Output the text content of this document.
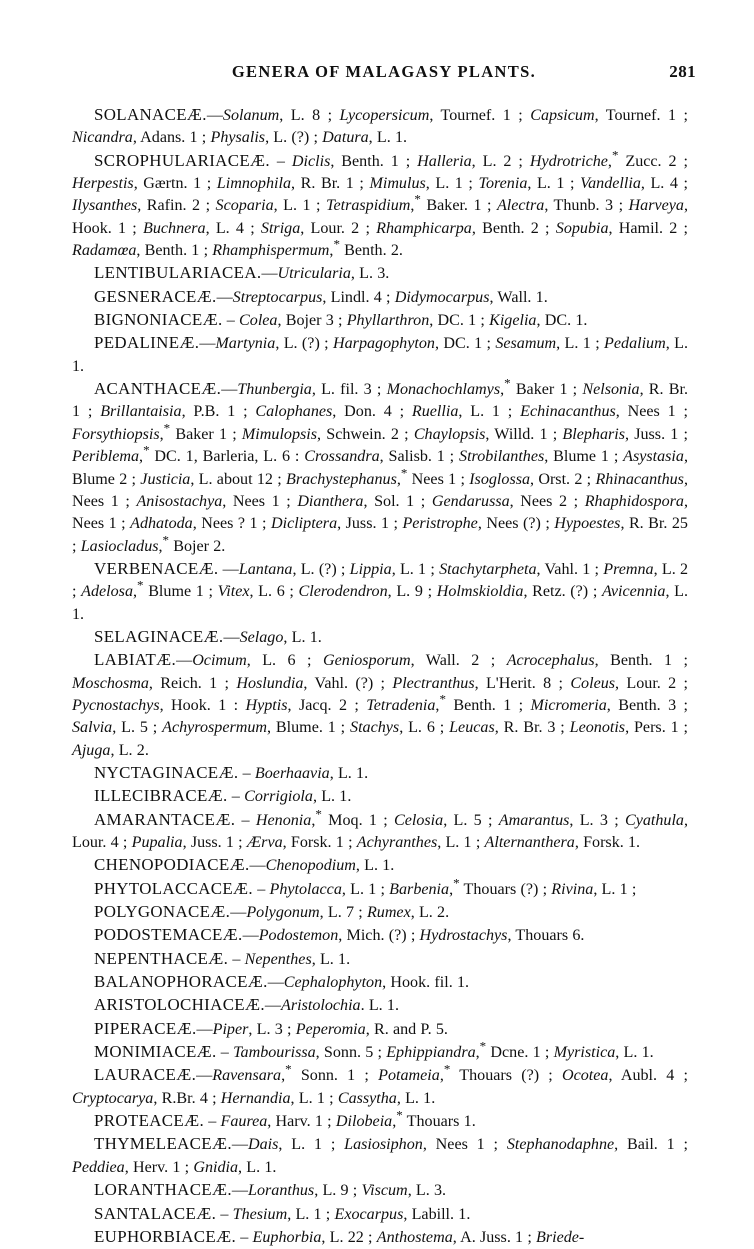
GENERA OF MALAGASY PLANTS.	281

SOLANACEÆ.—Solanum, L. 8 ; Lycopersicum, Tournef. 1 ; Capsicum, Tournef. 1 ; Nicandra, Adans. 1 ; Physalis, L. (?) ; Datura, L. 1.

SCROPHULARIACEÆ. – Diclis, Benth. 1 ; Halleria, L. 2 ; Hydrotriche,* Zucc. 2 ; Herpestis, Gærtn. 1 ; Limnophila, R. Br. 1 ; Mimulus, L. 1 ; Torenia, L. 1 ; Vandellia, L. 4 ; Ilysanthes, Rafin. 2 ; Scoparia, L. 1 ; Tetraspidium,* Baker. 1 ; Alectra, Thunb. 3 ; Harveya, Hook. 1 ; Buchnera, L. 4 ; Striga, Lour. 2 ; Rhamphicarpa, Benth. 2 ; Sopubia, Hamil. 2 ; Radamœa, Benth. 1 ; Rhamphispermum,* Benth. 2.

LENTIBULARIACEA.—Utricularia, L. 3.

GESNERACEÆ.—Streptocarpus, Lindl. 4 ; Didymocarpus, Wall. 1.

BIGNONIACEÆ. – Colea, Bojer 3 ; Phyllarthron, DC. 1 ; Kigelia, DC. 1.

PEDALINEÆ.—Martynia, L. (?) ; Harpagophyton, DC. 1 ; Sesamum, L. 1 ; Pedalium, L. 1.

ACANTHACEÆ.—Thunbergia, L. fil. 3 ; Monachochlamys,* Baker 1 ; Nelsonia, R. Br. 1 ; Brillantaisia, P.B. 1 ; Calophanes, Don. 4 ; Ruellia, L. 1 ; Echinacanthus, Nees 1 ; Forsythiopsis,* Baker 1 ; Mimulopsis, Schwein. 2 ; Chaylopsis, Willd. 1 ; Blepharis, Juss. 1 ; Periblema,* DC. 1, Barleria, L. 6 : Crossandra, Salisb. 1 ; Strobilanthes, Blume 1 ; Asystasia, Blume 2 ; Justicia, L. about 12 ; Brachystephanus,* Nees 1 ; Isoglossa, Orst. 2 ; Rhinacanthus, Nees 1 ; Anisostachya, Nees 1 ; Dianthera, Sol. 1 ; Gendarussa, Nees 2 ; Rhaphidospora, Nees 1 ; Adhatoda, Nees ? 1 ; Dicliptera, Juss. 1 ; Peristrophe, Nees (?) ; Hypoestes, R. Br. 25 ; Lasiocladus,* Bojer 2.

VERBENACEÆ. —Lantana, L. (?) ; Lippia, L. 1 ; Stachytarpheta, Vahl. 1 ; Premna, L. 2 ; Adelosa,* Blume 1 ; Vitex, L. 6 ; Clerodendron, L. 9 ; Holmskioldia, Retz. (?) ; Avicennia, L. 1.

SELAGINACEÆ.—Selago, L. 1.

LABIATÆ.—Ocimum, L. 6 ; Geniosporum, Wall. 2 ; Acrocephalus, Benth. 1 ; Moschosma, Reich. 1 ; Hoslundia, Vahl. (?) ; Plectranthus, L'Herit. 8 ; Coleus, Lour. 2 ; Pycnostachys, Hook. 1 : Hyptis, Jacq. 2 ; Tetradenia,* Benth. 1 ; Micromeria, Benth. 3 ; Salvia, L. 5 ; Achyrospermum, Blume. 1 ; Stachys, L. 6 ; Leucas, R. Br. 3 ; Leonotis, Pers. 1 ; Ajuga, L. 2.

NYCTAGINACEÆ. – Boerhaavia, L. 1.

ILLECIBRACEÆ. – Corrigiola, L. 1.

AMARANTACEÆ. – Henonia,* Moq. 1 ; Celosia, L. 5 ; Amarantus, L. 3 ; Cyathula, Lour. 4 ; Pupalia, Juss. 1 ; Ærva, Forsk. 1 ; Achyranthes, L. 1 ; Alternanthera, Forsk. 1.

CHENOPODIACEÆ.—Chenopodium, L. 1.

PHYTOLACCACEÆ. – Phytolacca, L. 1 ; Barbenia,* Thouars (?) ; Rivina, L. 1 ;

POLYGONACEÆ.—Polygonum, L. 7 ; Rumex, L. 2.

PODOSTEMACEÆ.—Podostemon, Mich. (?) ; Hydrostachys, Thouars 6.

NEPENTHACEÆ. – Nepenthes, L. 1.

BALANOPHORACEÆ.—Cephalophyton, Hook. fil. 1.

ARISTOLOCHIACEÆ.—Aristolochia. L. 1.

PIPERACEÆ.—Piper, L. 3 ; Peperomia, R. and P. 5.

MONIMIACEÆ. – Tambourissa, Sonn. 5 ; Ephippiandra,* Dcne. 1 ; Myristica, L. 1.

LAURACEÆ.—Ravensara,* Sonn. 1 ; Potameia,* Thouars (?) ; Ocotea, Aubl. 4 ; Cryptocarya, R.Br. 4 ; Hernandia, L. 1 ; Cassytha, L. 1.

PROTEACEÆ. – Faurea, Harv. 1 ; Dilobeia,* Thouars 1.

THYMELEACEÆ.—Dais, L. 1 ; Lasiosiphon, Nees 1 ; Stephanodaphne, Bail. 1 ; Peddiea, Herv. 1 ; Gnidia, L. 1.

LORANTHACEÆ.—Loranthus, L. 9 ; Viscum, L. 3.

SANTALACEÆ. – Thesium, L. 1 ; Exocarpus, Labill. 1.

EUPHORBIACEÆ. – Euphorbia, L. 22 ; Anthostema, A. Juss. 1 ; Briede-
